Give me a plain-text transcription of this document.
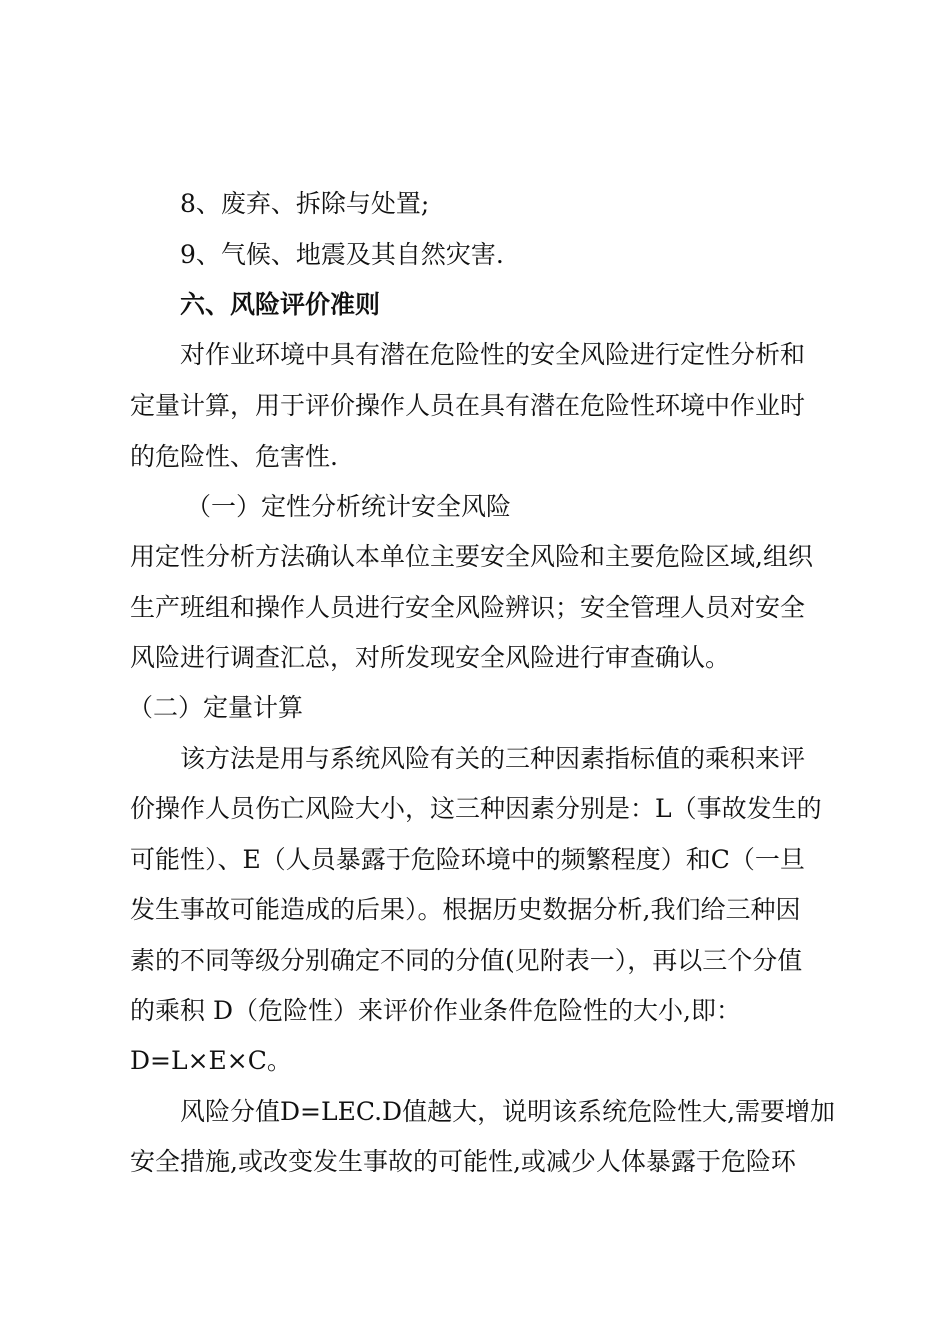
8、废弃、拆除与处置;
9、气候、地震及其自然灾害.
六、风险评价准则
对作业环境中具有潜在危险性的安全风险进行定性分析和
定量计算，用于评价操作人员在具有潜在危险性环境中作业时
的危险性、危害性.
（一）定性分析统计安全风险
用定性分析方法确认本单位主要安全风险和主要危险区域,组织
生产班组和操作人员进行安全风险辨识；安全管理人员对安全
风险进行调查汇总，对所发现安全风险进行审查确认。
（二）定量计算
该方法是用与系统风险有关的三种因素指标值的乘积来评
价操作人员伤亡风险大小，这三种因素分别是：L（事故发生的
可能性）、E（人员暴露于危险环境中的频繁程度）和C（一旦
发生事故可能造成的后果）。根据历史数据分析,我们给三种因
素的不同等级分别确定不同的分值(见附表一），再以三个分值
的乘积 D（危险性）来评价作业条件危险性的大小,即：
D=L×E×C。
风险分值D=LEC.D值越大，说明该系统危险性大,需要增加
安全措施,或改变发生事故的可能性,或减少人体暴露于危险环
